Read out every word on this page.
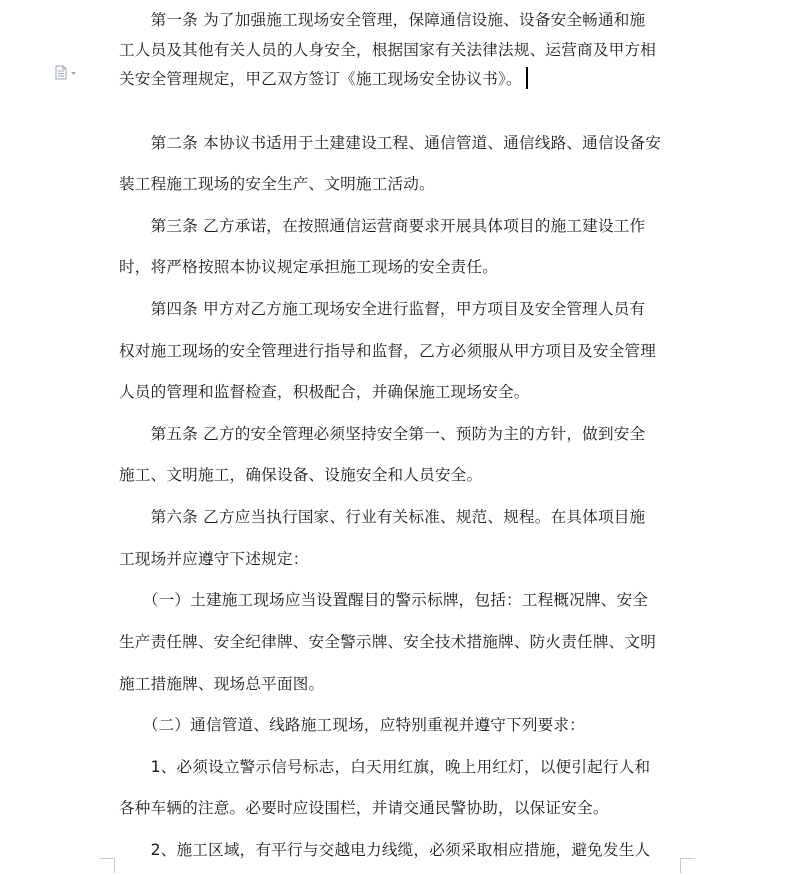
　　第一条 为了加强施工现场安全管理，保障通信设施、设备安全畅通和施
工人员及其他有关人员的人身安全，根据国家有关法律法规、运营商及甲方相
关安全管理规定，甲乙双方签订《施工现场安全协议书》。
　　第二条 本协议书适用于土建建设工程、通信管道、通信线路、通信设备安
装工程施工现场的安全生产、文明施工活动。
　　第三条 乙方承诺，在按照通信运营商要求开展具体项目的施工建设工作
时，将严格按照本协议规定承担施工现场的安全责任。
　　第四条 甲方对乙方施工现场安全进行监督，甲方项目及安全管理人员有
权对施工现场的安全管理进行指导和监督，乙方必须服从甲方项目及安全管理
人员的管理和监督检查，积极配合，并确保施工现场安全。
　　第五条 乙方的安全管理必须坚持安全第一、预防为主的方针，做到安全
施工、文明施工，确保设备、设施安全和人员安全。
　　第六条 乙方应当执行国家、行业有关标准、规范、规程。在具体项目施
工现场并应遵守下述规定：
　　（一）土建施工现场应当设置醒目的警示标牌，包括：工程概况牌、安全
生产责任牌、安全纪律牌、安全警示牌、安全技术措施牌、防火责任牌、文明
施工措施牌、现场总平面图。
　　（二）通信管道、线路施工现场，应特别重视并遵守下列要求：
　　1、必须设立警示信号标志，白天用红旗，晚上用红灯，以便引起行人和
各种车辆的注意。必要时应设围栏，并请交通民警协助，以保证安全。
　　2、施工区域，有平行与交越电力线缆，必须采取相应措施，避免发生人
